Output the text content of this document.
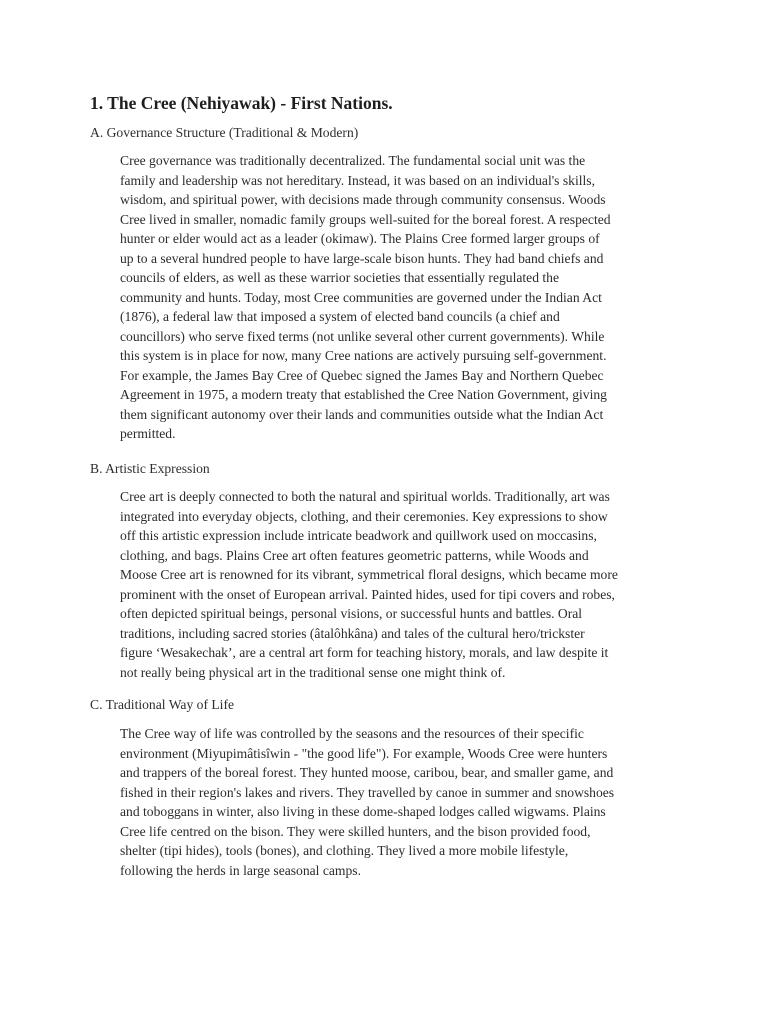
1. The Cree (Nehiyawak) - First Nations.
A. Governance Structure (Traditional & Modern)
Cree governance was traditionally decentralized. The fundamental social unit was the
family and leadership was not hereditary. Instead, it was based on an individual's skills,
wisdom, and spiritual power, with decisions made through community consensus. Woods
Cree lived in smaller, nomadic family groups well-suited for the boreal forest. A respected
hunter or elder would act as a leader (okimaw). The Plains Cree formed larger groups of
up to a several hundred people to have large-scale bison hunts. They had band chiefs and
councils of elders, as well as these warrior societies that essentially regulated the
community and hunts. Today, most Cree communities are governed under the Indian Act
(1876), a federal law that imposed a system of elected band councils (a chief and
councillors) who serve fixed terms (not unlike several other current governments). While
this system is in place for now, many Cree nations are actively pursuing self-government.
For example, the James Bay Cree of Quebec signed the James Bay and Northern Quebec
Agreement in 1975, a modern treaty that established the Cree Nation Government, giving
them significant autonomy over their lands and communities outside what the Indian Act
permitted.
B. Artistic Expression
Cree art is deeply connected to both the natural and spiritual worlds. Traditionally, art was
integrated into everyday objects, clothing, and their ceremonies. Key expressions to show
off this artistic expression include intricate beadwork and quillwork used on moccasins,
clothing, and bags. Plains Cree art often features geometric patterns, while Woods and
Moose Cree art is renowned for its vibrant, symmetrical floral designs, which became more
prominent with the onset of European arrival. Painted hides, used for tipi covers and robes,
often depicted spiritual beings, personal visions, or successful hunts and battles. Oral
traditions, including sacred stories (âtalôhkâna) and tales of the cultural hero/trickster
figure ‘Wesakechak’, are a central art form for teaching history, morals, and law despite it
not really being physical art in the traditional sense one might think of.
C. Traditional Way of Life
The Cree way of life was controlled by the seasons and the resources of their specific
environment (Miyupimâtisîwin - "the good life"). For example, Woods Cree were hunters
and trappers of the boreal forest. They hunted moose, caribou, bear, and smaller game, and
fished in their region's lakes and rivers. They travelled by canoe in summer and snowshoes
and toboggans in winter, also living in these dome-shaped lodges called wigwams. Plains
Cree life centred on the bison. They were skilled hunters, and the bison provided food,
shelter (tipi hides), tools (bones), and clothing. They lived a more mobile lifestyle,
following the herds in large seasonal camps.
